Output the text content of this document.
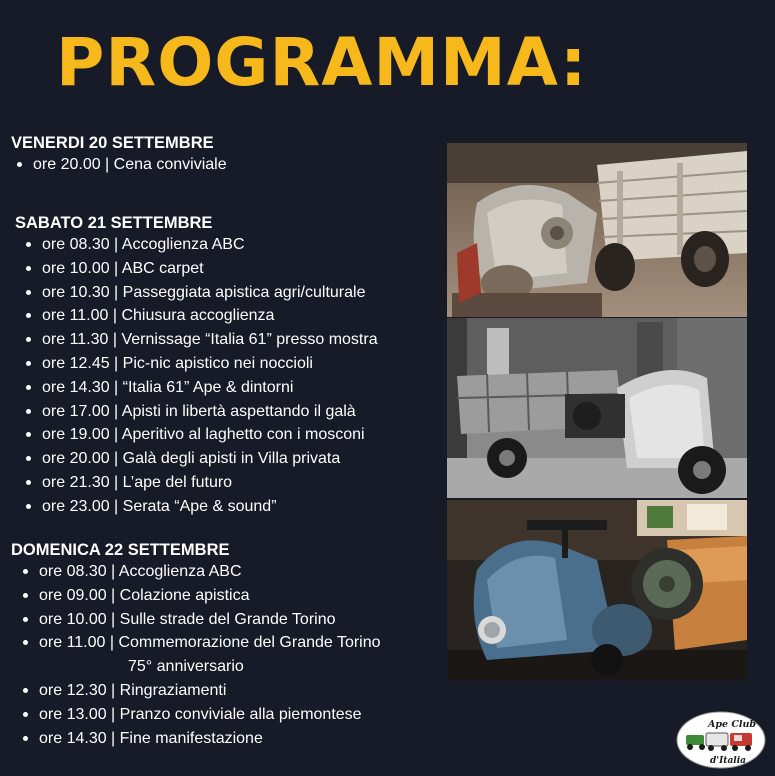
PROGRAMMA:
VENERDI 20 SETTEMBRE
ore 20.00 | Cena conviviale
SABATO 21 SETTEMBRE
ore 08.30 | Accoglienza ABC
ore 10.00 | ABC carpet
ore 10.30 | Passeggiata apistica agri/culturale
ore 11.00 | Chiusura accoglienza
ore 11.30 | Vernissage “Italia 61” presso mostra
ore 12.45 | Pic-nic apistico nei noccioli
ore 14.30 | “Italia 61” Ape & dintorni
ore 17.00 | Apisti in libertà aspettando il galà
ore 19.00 | Aperitivo al laghetto con i mosconi
ore 20.00 | Galà degli apisti in Villa privata
ore 21.30 | L’ape del futuro
ore 23.00 | Serata “Ape & sound”
DOMENICA 22 SETTEMBRE
ore 08.30 | Accoglienza ABC
ore 09.00 | Colazione apistica
ore 10.00 | Sulle strade del Grande Torino
ore 11.00 | Commemorazione del Grande Torino
75° anniversario
ore 12.30 | Ringraziamenti
ore 13.00 | Pranzo conviviale alla piemontese
ore 14.30 | Fine manifestazione
Ape Club
d'Italia
